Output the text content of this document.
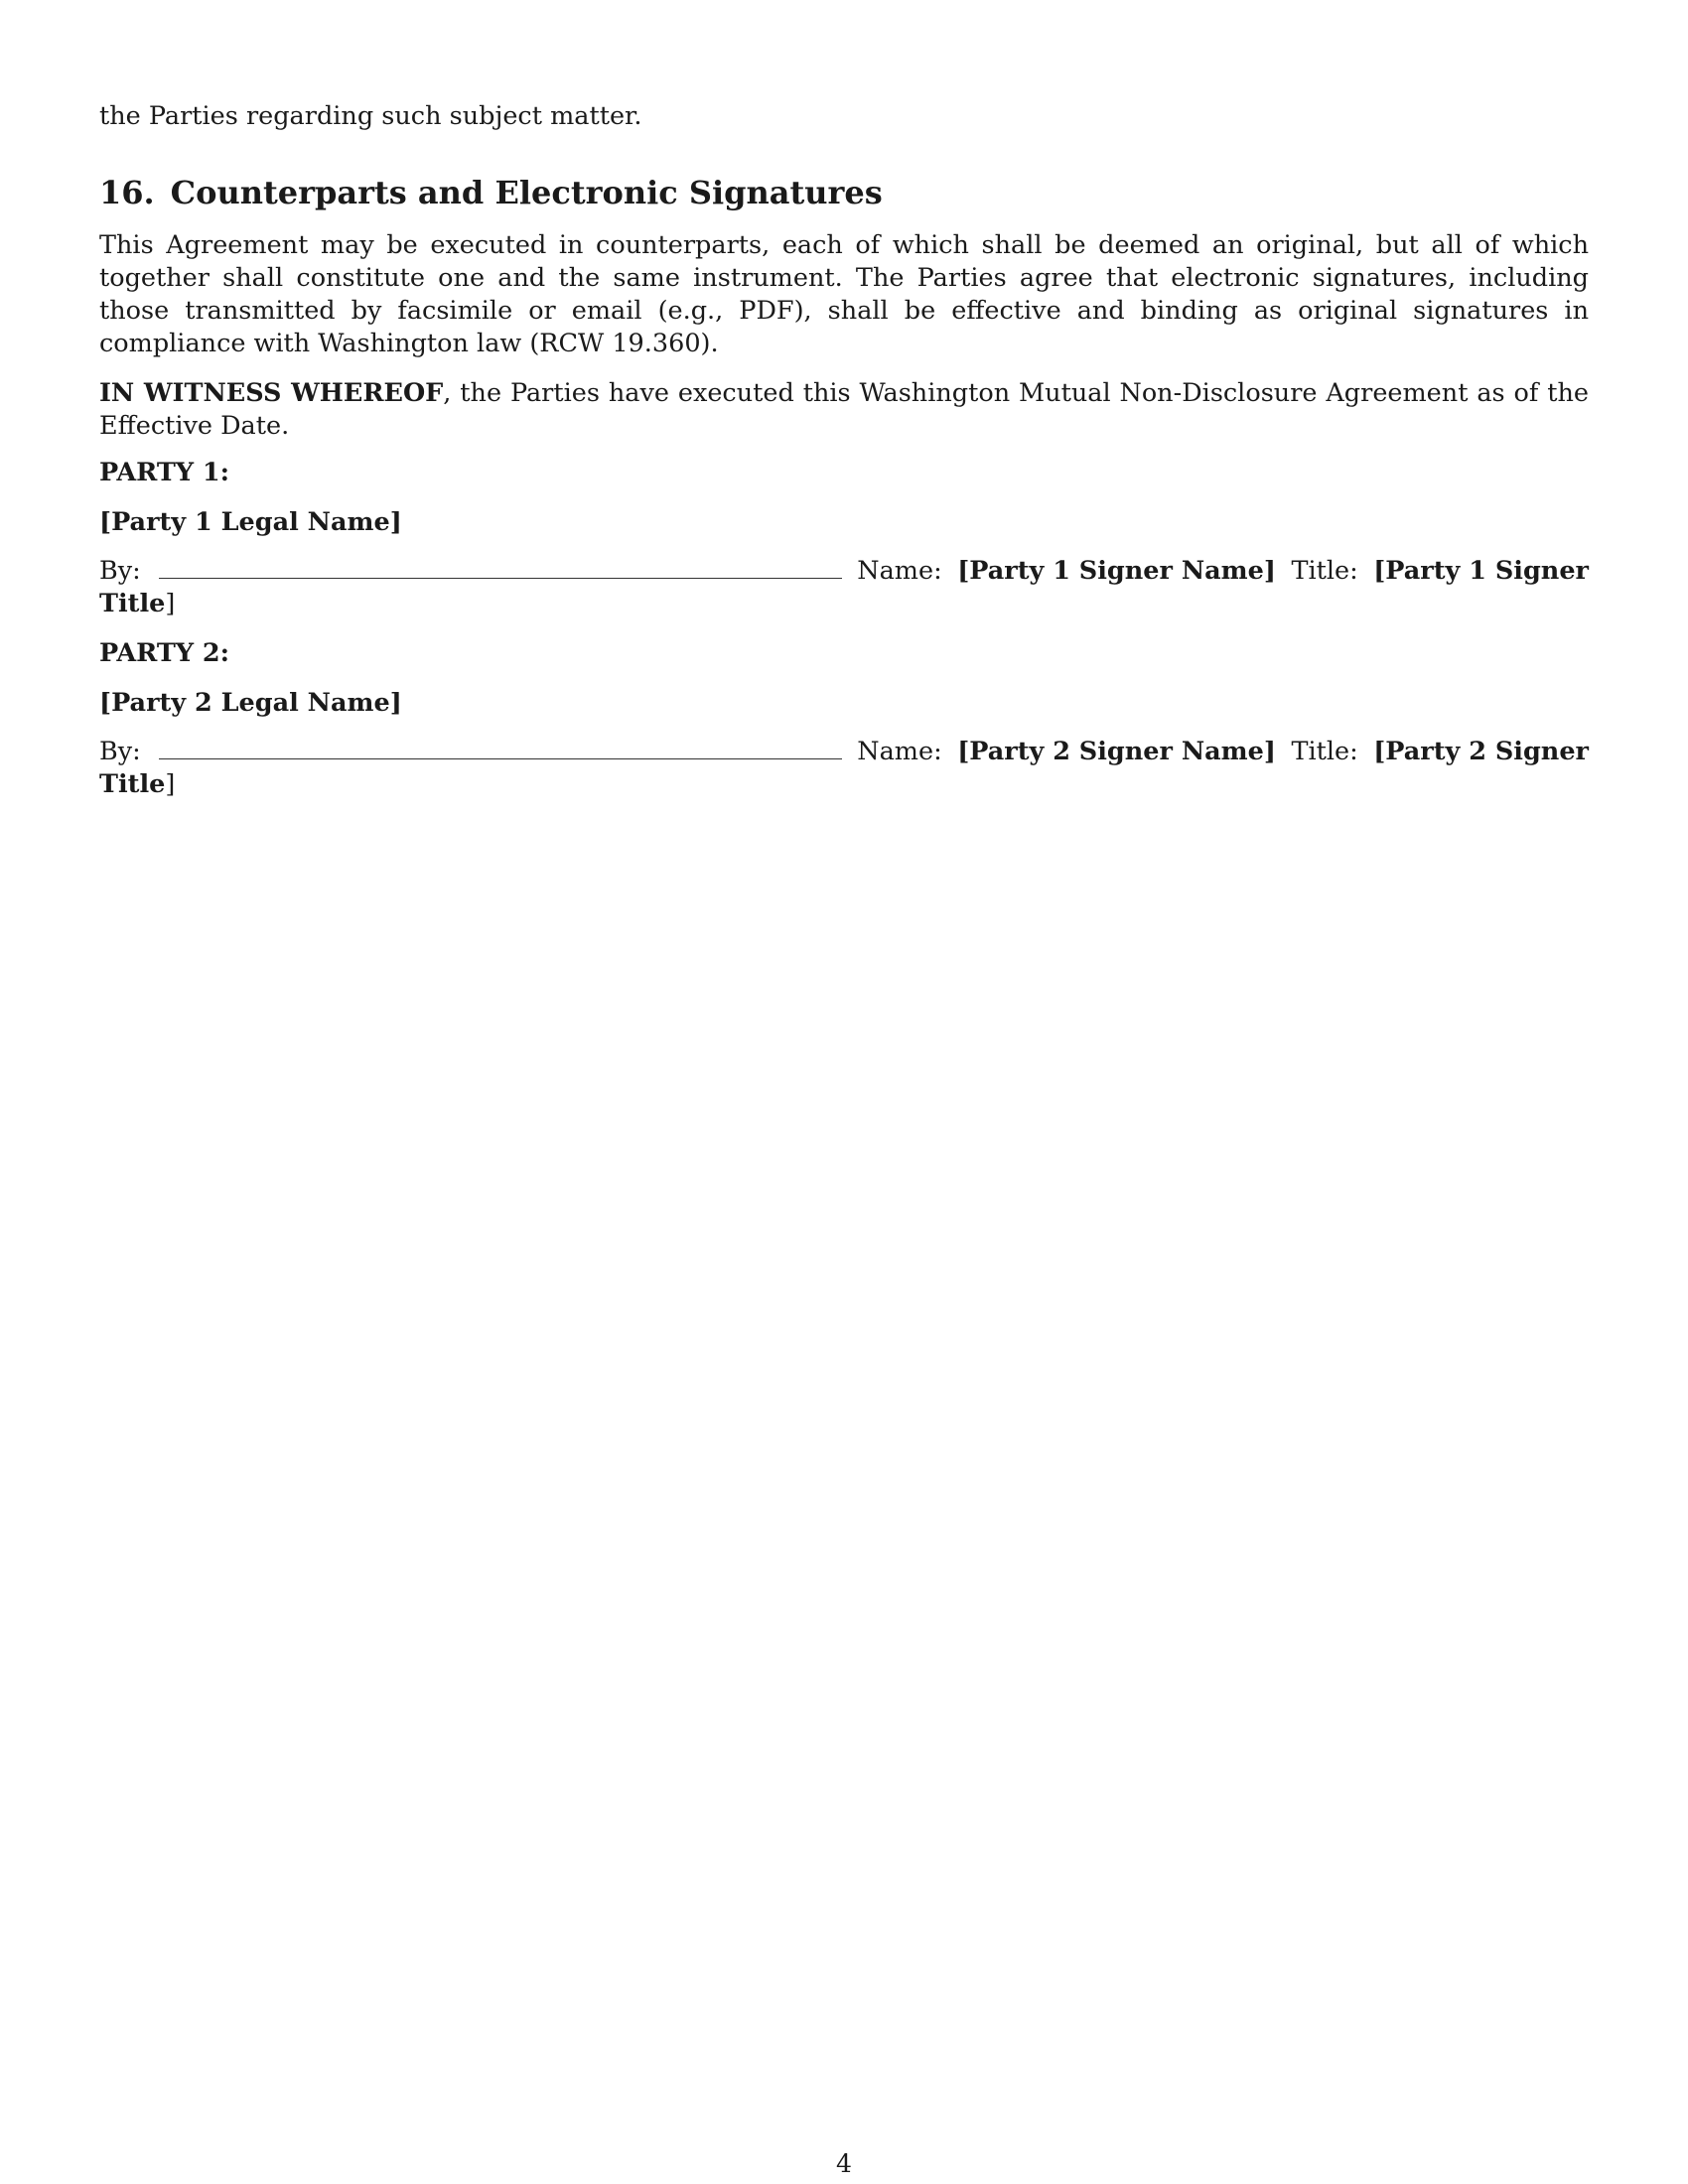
the Parties regarding such subject matter.

16. Counterparts and Electronic Signatures

This Agreement may be executed in counterparts, each of which shall be deemed an original, but all of which together shall constitute one and the same instrument. The Parties agree that electronic signatures, including those transmitted by facsimile or email (e.g., PDF), shall be effective and binding as original signatures in compliance with Washington law (RCW 19.360).

IN WITNESS WHEREOF, the Parties have executed this Washington Mutual Non-Disclosure Agreement as of the Effective Date.

PARTY 1:
[Party 1 Legal Name]
By:	Name: [Party 1 Signer Name] Title: [Party 1 Signer
Title]
PARTY 2:
[Party 2 Legal Name]
By:	Name: [Party 2 Signer Name] Title: [Party 2 Signer
Title]
4
